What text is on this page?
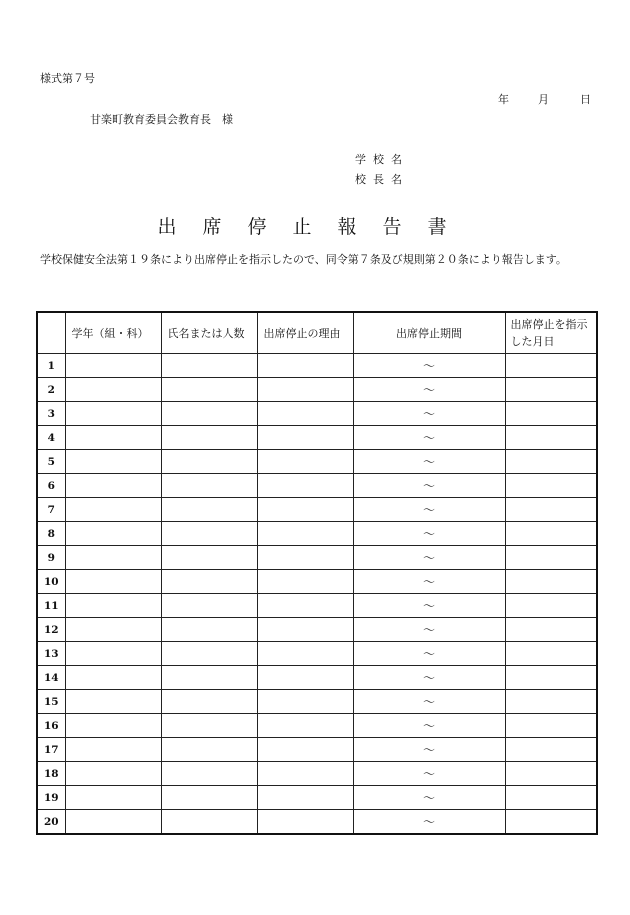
様式第７号
年	月	日
甘楽町教育委員会教育長　様
学校名
校長名
出席停止報告書
学校保健安全法第１９条により出席停止を指示したので、同令第７条及び規則第２０条により報告します。
	学年（組・科）	氏名または人数	出席停止の理由	出席停止期間	出席停止を指示した月日
1				～	
2				～	
3				～	
4				～	
5				～	
6				～	
7				～	
8				～	
9				～	
10				～	
11				～	
12				～	
13				～	
14				～	
15				～	
16				～	
17				～	
18				～	
19				～	
20				～	
